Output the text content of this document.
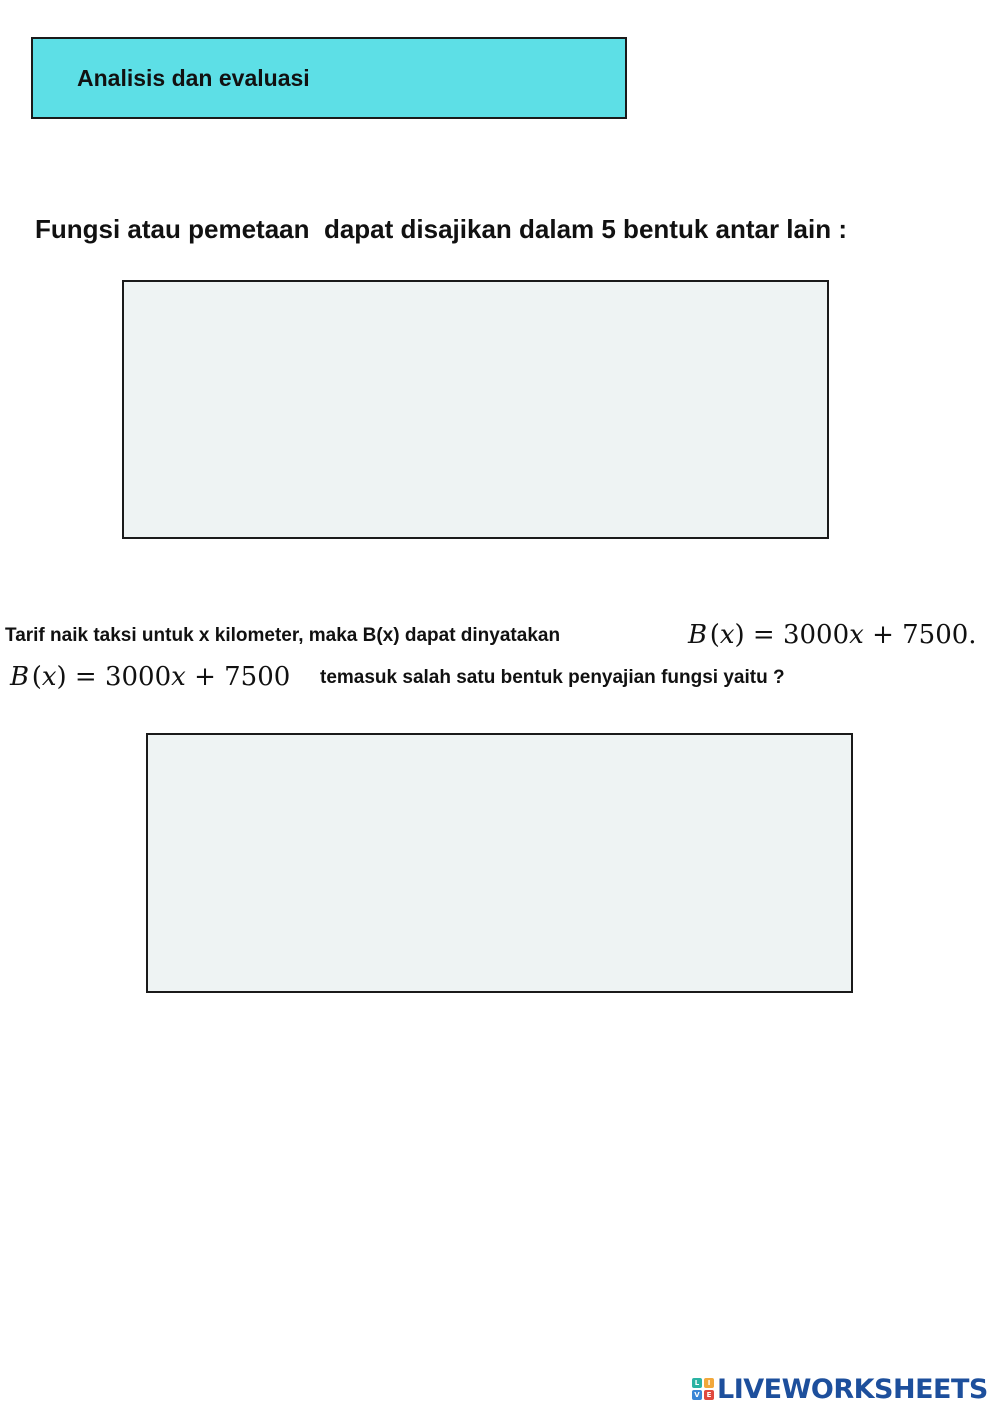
Analisis dan evaluasi
Fungsi atau pemetaan  dapat disajikan dalam 5 bentuk antar lain :
Tarif naik taksi untuk x kilometer, maka B(x) dapat dinyatakan	B (x) = 3000x + 7500.
B (x) = 3000x + 7500 temasuk salah satu bentuk penyajian fungsi yaitu ?
L	I
V E LIVEWORKSHEETS
